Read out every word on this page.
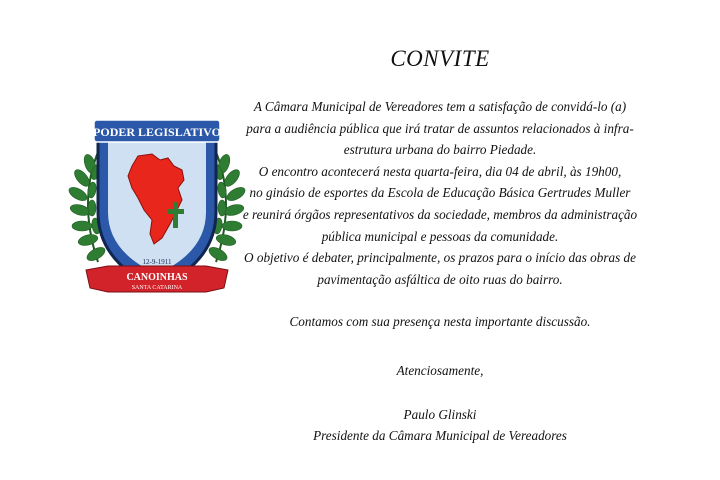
PODER LEGISLATIVO
12-9-1911
CANOINHAS
SANTA CATARINA
CONVITE

A Câmara Municipal de Vereadores tem a satisfação de convidá-lo (a)

para a audiência pública que irá tratar de assuntos relacionados à infra-

estrutura urbana do bairro Piedade.

O encontro acontecerá nesta quarta-feira, dia 04 de abril, às 19h00,

no ginásio de esportes da Escola de Educação Básica Gertrudes Muller

e reunirá órgãos representativos da sociedade, membros da administração

pública municipal e pessoas da comunidade.

O objetivo é debater, principalmente, os prazos para o início das obras de

pavimentação asfáltica de oito ruas do bairro.

Contamos com sua presença nesta importante discussão.

Atenciosamente,

Paulo Glinski

Presidente da Câmara Municipal de Vereadores
